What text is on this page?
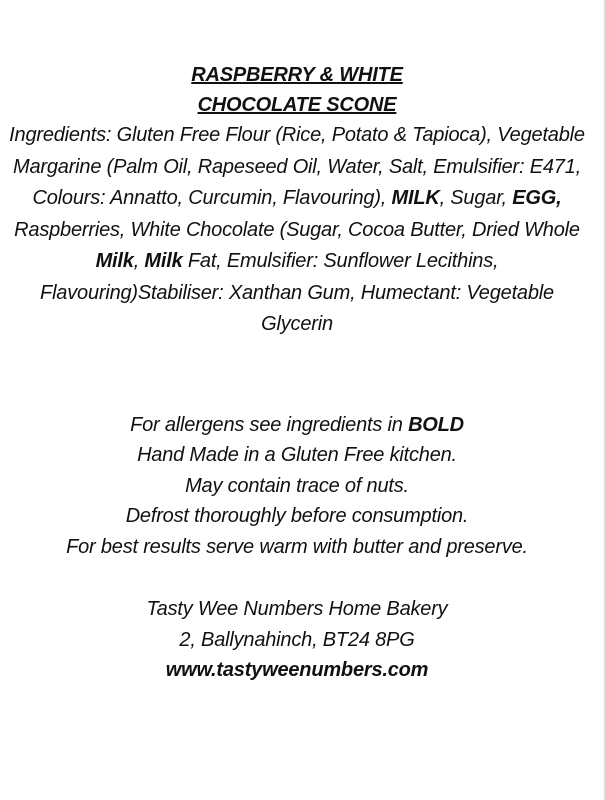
RASPBERRY & WHITE
CHOCOLATE SCONE
Ingredients: Gluten Free Flour (Rice, Potato & Tapioca), Vegetable Margarine (Palm Oil, Rapeseed Oil, Water, Salt, Emulsifier: E471, Colours: Annatto, Curcumin, Flavouring), MILK, Sugar, EGG, Raspberries, White Chocolate (Sugar, Cocoa Butter, Dried Whole Milk, Milk Fat, Emulsifier: Sunflower Lecithins, Flavouring)Stabiliser: Xanthan Gum, Humectant: Vegetable Glycerin
For allergens see ingredients in BOLD
Hand Made in a Gluten Free kitchen.
May contain trace of nuts.
Defrost thoroughly before consumption.
For best results serve warm with butter and preserve.
Tasty Wee Numbers Home Bakery
2, Ballynahinch, BT24 8PG
www.tastyweenumbers.com
